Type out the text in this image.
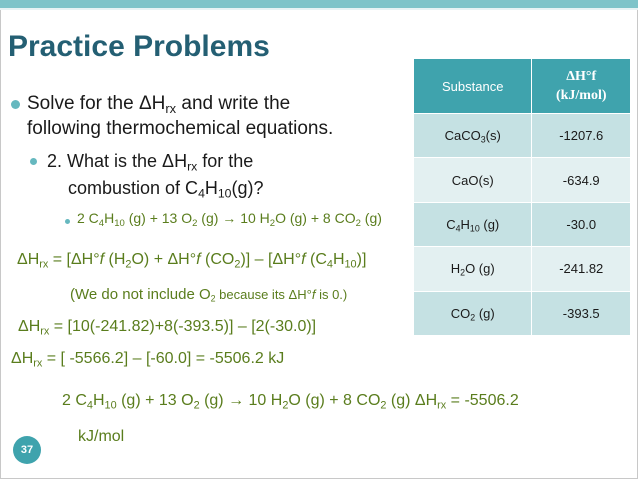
Practice Problems
Substance	ΔH°f
(kJ/mol)
CaCO$_3$(s)	-1207.6
CaO(s)	-634.9
$C_4H_{10}$ (g)	-30.0
$H_2O$ (g)	-241.82
$CO_2$ (g)	-393.5
Solve for the $\Delta H_{rx}$ and write the
following thermochemical equations.
2. What is the $\Delta H_{rx}$ for the
combustion of $C_4H_{10}(g)$?
2 $C_4H_{10}$ (g) + 13 $O_2$ (g) → 10 $H_2O$ (g) + 8 $CO_2$ (g)
$\Delta H_{rx} = [\Delta H^\circ f$ $(H_2O) + \Delta H^\circ f$ $(CO_2)] - [\Delta H^\circ f$ $(C_4H_{10})$]
(We do not include $O_2$ because its ΔH°f is 0.)
$\Delta H_{rx} = [10(-241.82)+8(-393.5)] - [2(-30.0)]$
$\Delta H_{rx}$ = [ -5566.2] – [-60.0] = -5506.2 kJ
2 $C_4H_{10}$ (g) + 13 $O_2$ (g) → 10 $H_2O$ (g) + 8 $CO_2$ (g) $\Delta H_{rx} = -5506.2$
kJ/mol
37
